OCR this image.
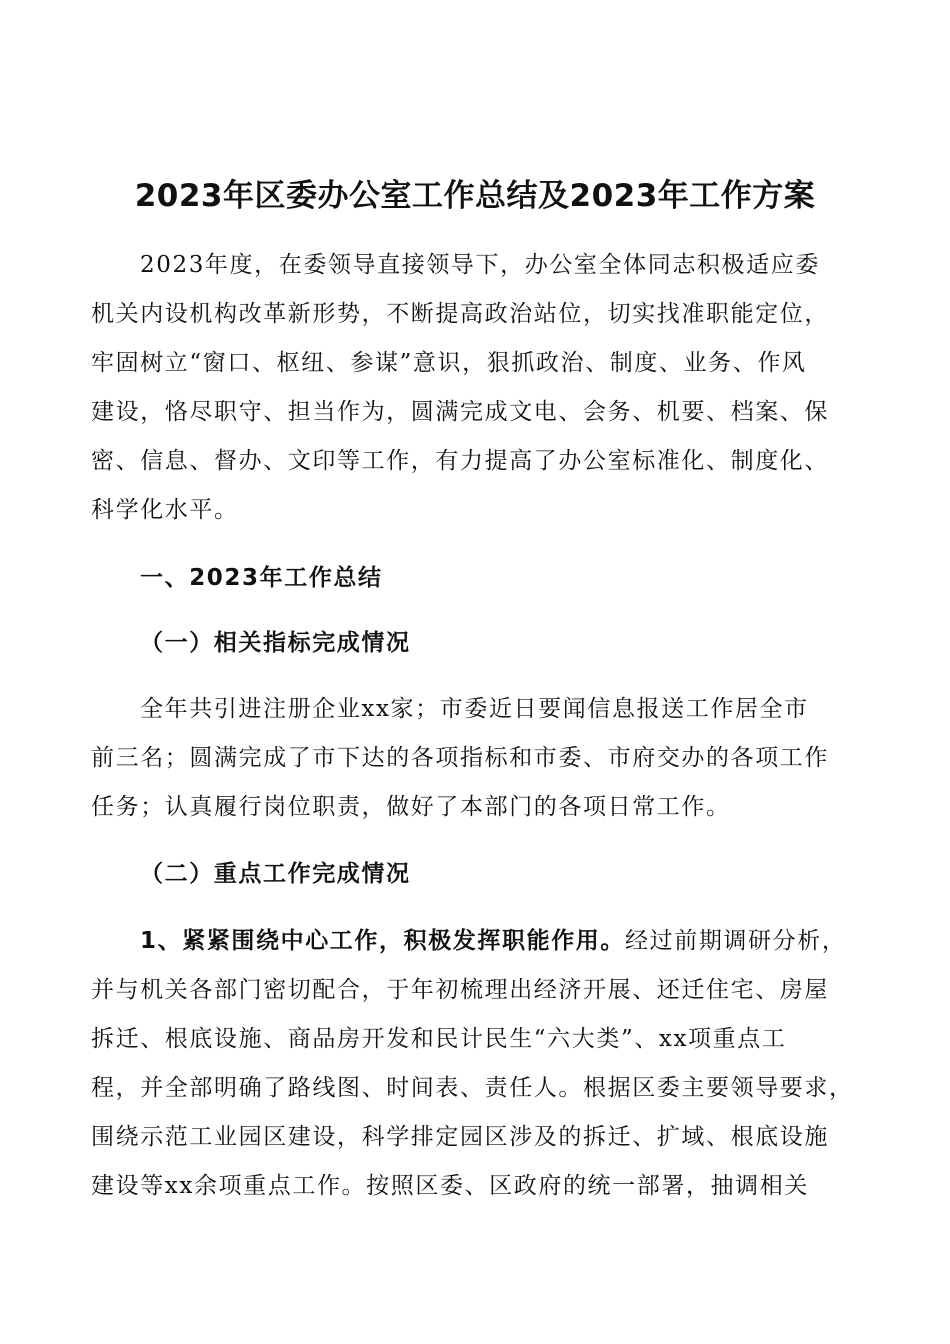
2023年区委办公室工作总结及2023年工作方案
2023年度，在委领导直接领导下，办公室全体同志积极适应委
机关内设机构改革新形势，不断提高政治站位，切实找准职能定位，
牢固树立“窗口、枢纽、参谋”意识，狠抓政治、制度、业务、作风
建设，恪尽职守、担当作为，圆满完成文电、会务、机要、档案、保
密、信息、督办、文印等工作，有力提高了办公室标准化、制度化、
科学化水平。
一、2023年工作总结
（一）相关指标完成情况
全年共引进注册企业xx家；市委近日要闻信息报送工作居全市
前三名；圆满完成了市下达的各项指标和市委、市府交办的各项工作
任务；认真履行岗位职责，做好了本部门的各项日常工作。
（二）重点工作完成情况
1、紧紧围绕中心工作，积极发挥职能作用。经过前期调研分析，
并与机关各部门密切配合，于年初梳理出经济开展、还迁住宅、房屋
拆迁、根底设施、商品房开发和民计民生“六大类”、xx项重点工
程，并全部明确了路线图、时间表、责任人。根据区委主要领导要求，
围绕示范工业园区建设，科学排定园区涉及的拆迁、扩域、根底设施
建设等xx余项重点工作。按照区委、区政府的统一部署，抽调相关
